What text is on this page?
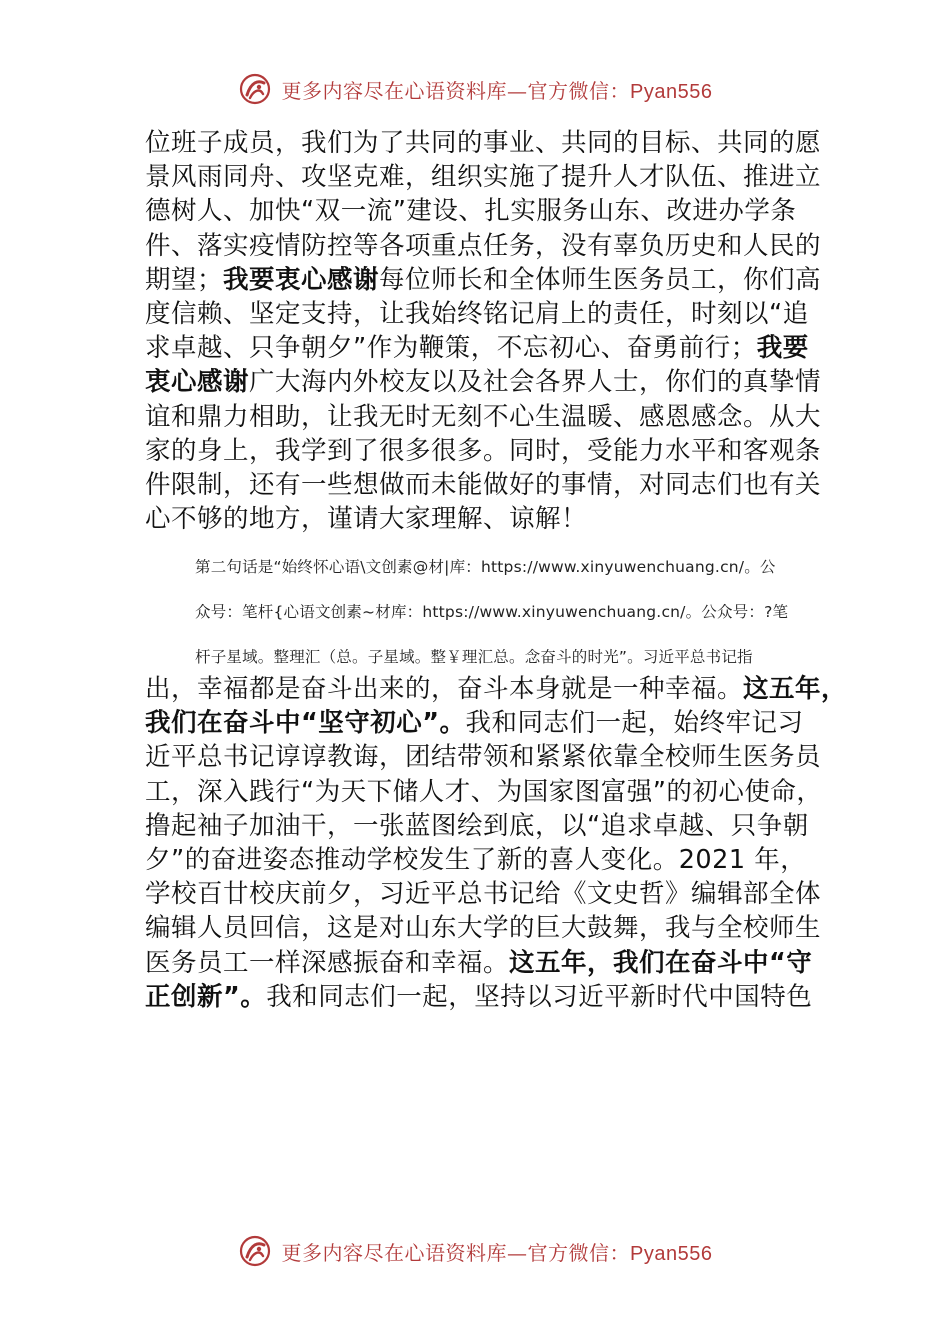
更多内容尽在心语资料库—官方微信：Pyan556
位班子成员，我们为了共同的事业、共同的目标、共同的愿
景风雨同舟、攻坚克难，组织实施了提升人才队伍、推进立
德树人、加快“双一流”建设、扎实服务山东、改进办学条
件、落实疫情防控等各项重点任务，没有辜负历史和人民的
期望；我要衷心感谢每位师长和全体师生医务员工，你们高
度信赖、坚定支持，让我始终铭记肩上的责任，时刻以“追
求卓越、只争朝夕”作为鞭策，不忘初心、奋勇前行；我要
衷心感谢广大海内外校友以及社会各界人士，你们的真挚情
谊和鼎力相助，让我无时无刻不心生温暖、感恩感念。从大
家的身上，我学到了很多很多。同时，受能力水平和客观条
件限制，还有一些想做而未能做好的事情，对同志们也有关
心不够的地方，谨请大家理解、谅解！
第二句话是“始终怀心语\文创素@材|库：https://www.xinyuwenchuang.cn/。公
众号：笔杆{心语文创素~材库：https://www.xinyuwenchuang.cn/。公众号：?笔
杆子星域。整理汇（总。子星域。整￥理汇总。念奋斗的时光”。习近平总书记指
出，幸福都是奋斗出来的，奋斗本身就是一种幸福。这五年，
我们在奋斗中“坚守初心”。我和同志们一起，始终牢记习
近平总书记谆谆教诲，团结带领和紧紧依靠全校师生医务员
工，深入践行“为天下储人才、为国家图富强”的初心使命，
撸起袖子加油干，一张蓝图绘到底，以“追求卓越、只争朝
夕”的奋进姿态推动学校发生了新的喜人变化。2021 年，
学校百廿校庆前夕，习近平总书记给《文史哲》编辑部全体
编辑人员回信，这是对山东大学的巨大鼓舞，我与全校师生
医务员工一样深感振奋和幸福。这五年，我们在奋斗中“守
正创新”。我和同志们一起，坚持以习近平新时代中国特色
更多内容尽在心语资料库—官方微信：Pyan556
